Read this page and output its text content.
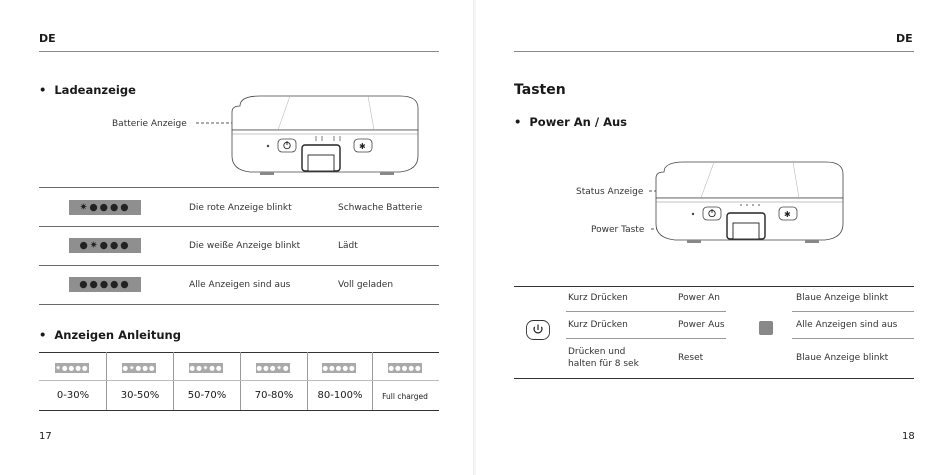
DE
• Ladeanzeige
Batterie Anzeige
✱
✷●●●●	Die rote Anzeige blinkt	Schwache Batterie
●✷●●●	Die weiße Anzeige blinkt	Lädt
●●●●●	Alle Anzeigen sind aus	Voll geladen
• Anzeigen Anleitung
✷●●●●	●✷●●●	●●✷●●	●●●✷●	●●●●●	●●●●●
0-30%	30-50%	50-70%	70-80%	80-100%	Full charged
17
DE
Tasten
• Power An / Aus
Status Anzeige
Power Taste
✱
Kurz Drücken	Power An	Blaue Anzeige blinkt
Kurz Drücken	Power Aus	Alle Anzeigen sind aus
Drücken und
halten für 8 sek
Reset	Blaue Anzeige blinkt
18
